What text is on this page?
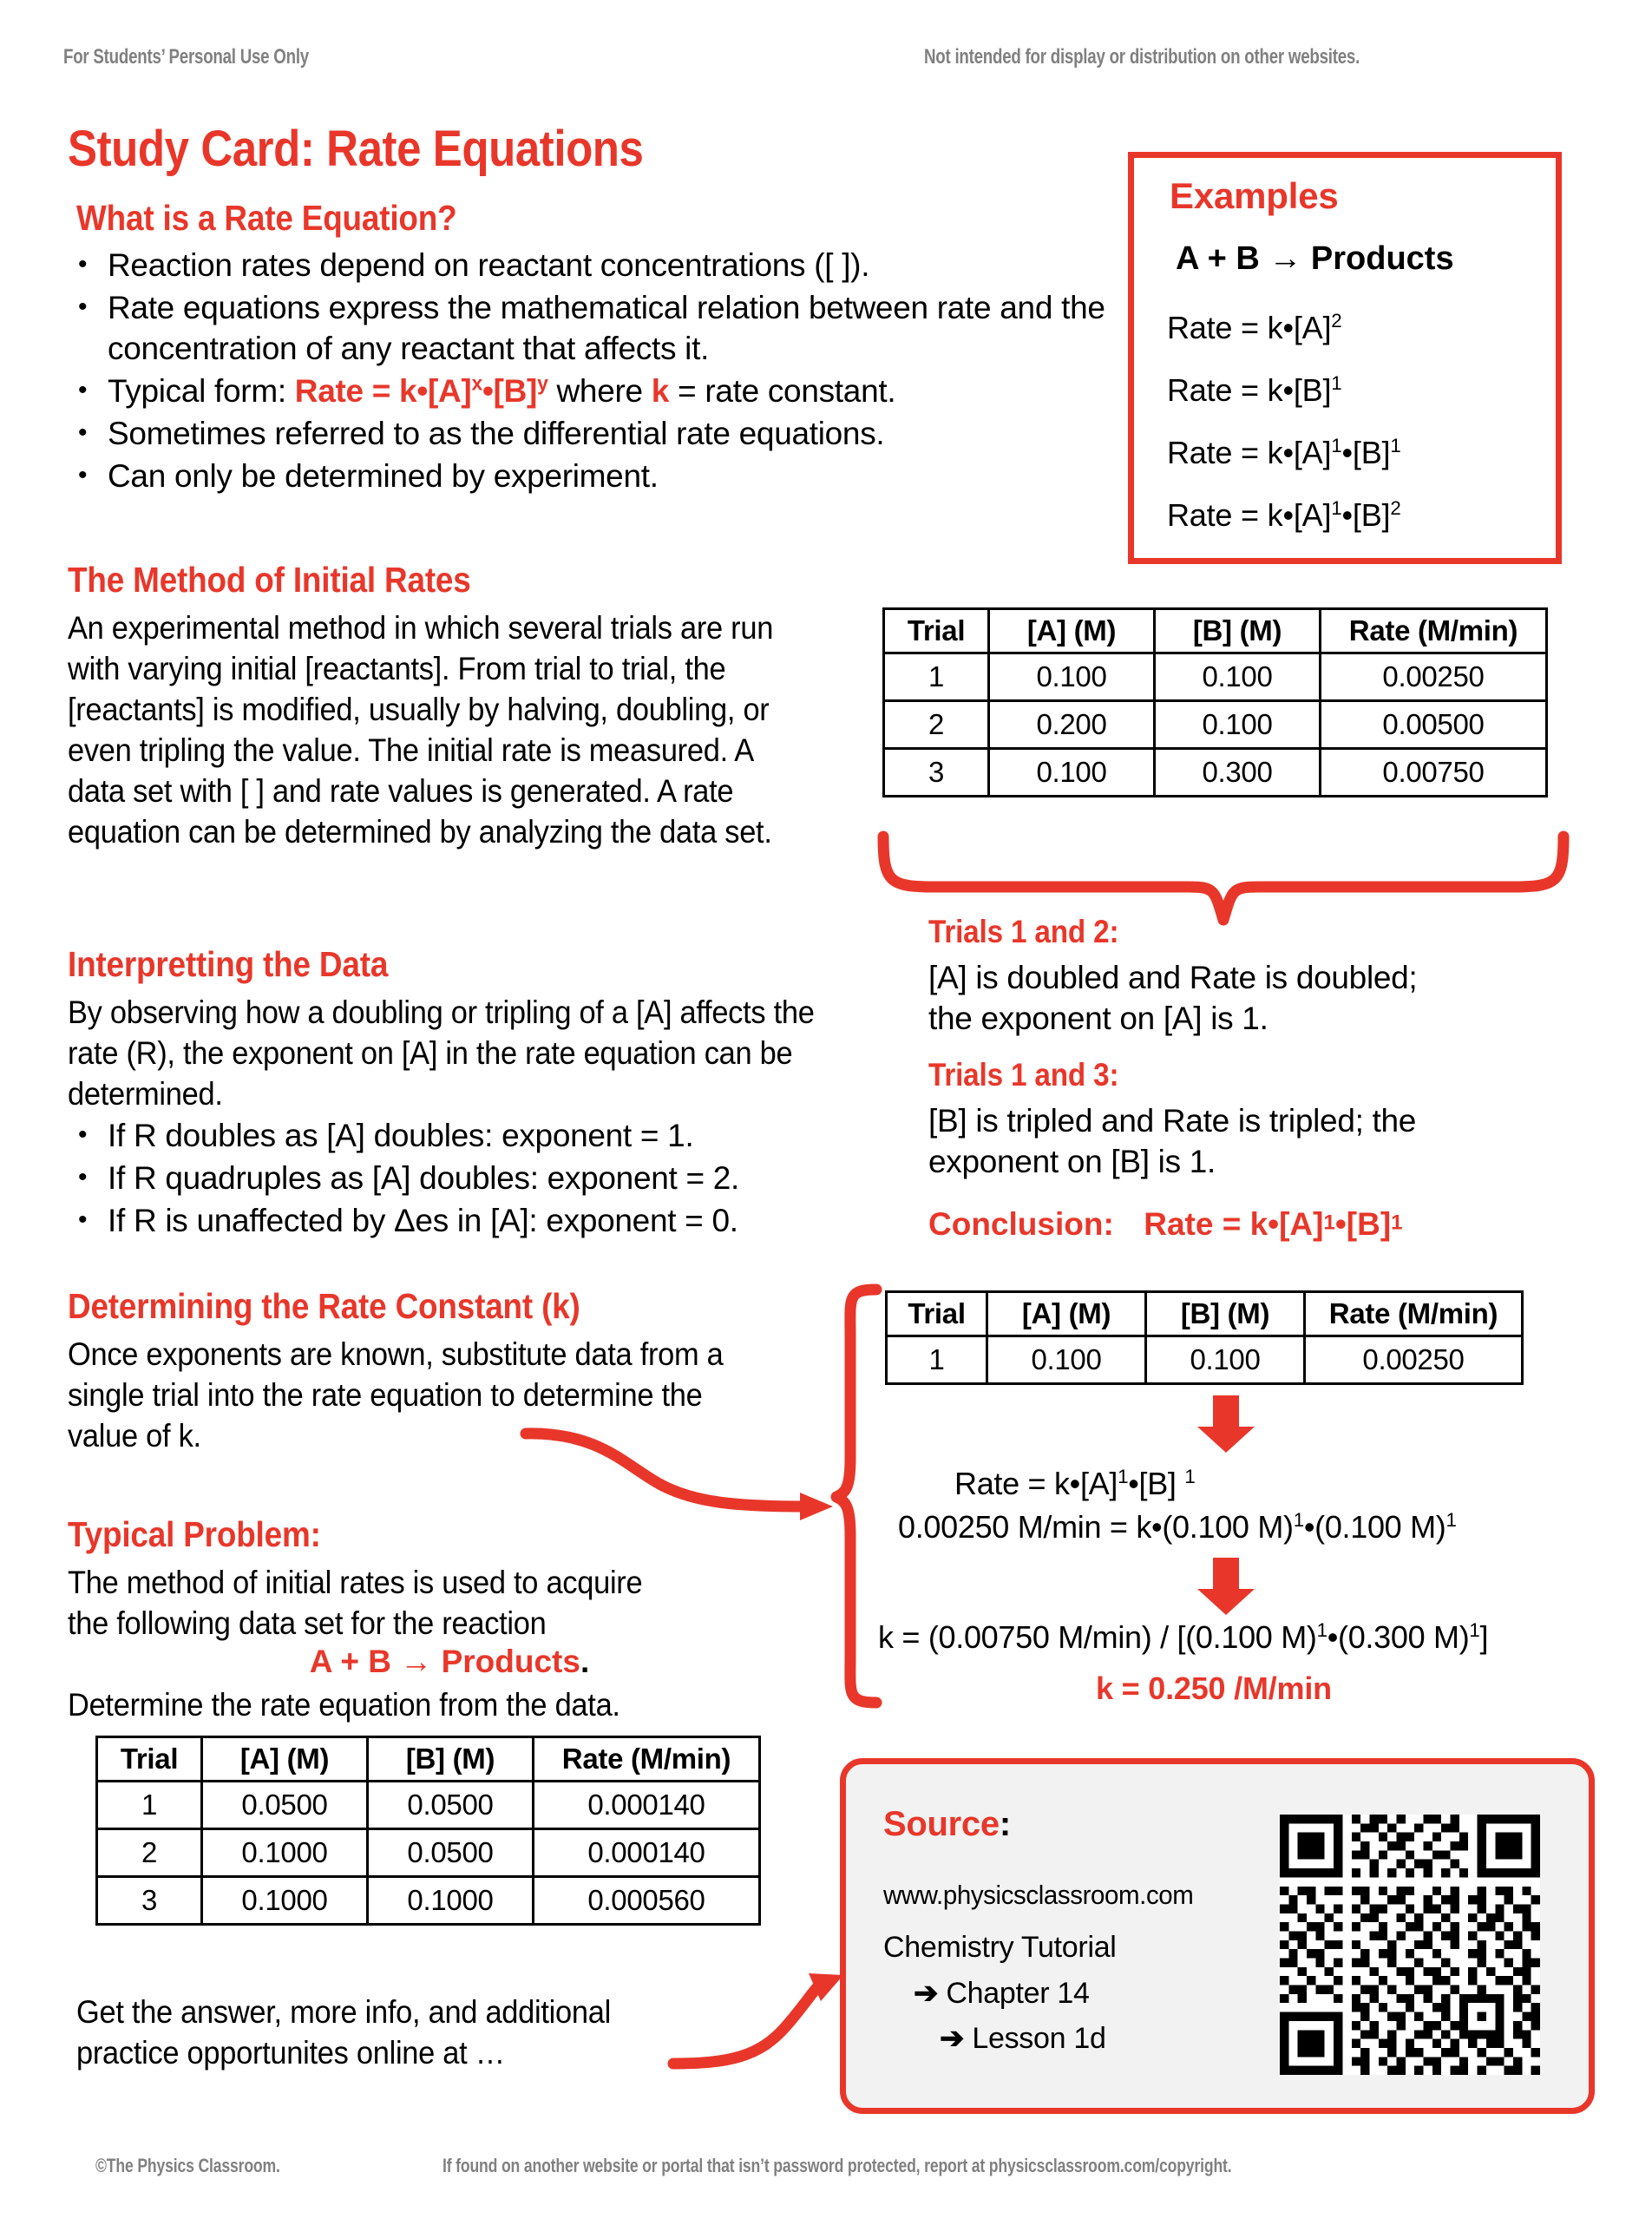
For Students’ Personal Use Only	Not intended for display or distribution on other websites.
Study Card: Rate Equations
What is a Rate Equation?
• Reaction rates depend on reactant concentrations ([ ]).
• Rate equations express the mathematical relation between rate and the concentration of any reactant that affects it.
• Typical form: Rate = $k•[A]^x•[B]^y$ where k = rate constant.
• Sometimes referred to as the differential rate equations.
• Can only be determined by experiment.
Examples
A + B → Products
Rate = $k•[A]^2$
Rate = $k•[B]^1$
Rate = $k•[A]^1•[B]^1$
Rate = $k•[A]^1•[B]^2$
The Method of Initial Rates
An experimental method in which several trials are run with varying initial [reactants]. From trial to trial, the [reactants] is modified, usually by halving, doubling, or even tripling the value. The initial rate is measured. A data set with [ ] and rate values is generated. A rate equation can be determined by analyzing the data set.
Trial	[A] (M)	[B] (M)	Rate (M/min)
1	0.100	0.100	0.00250
2	0.200	0.100	0.00500
3	0.100	0.300	0.00750
Trials 1 and 2:
[A] is doubled and Rate is doubled;
the exponent on [A] is 1.
Trials 1 and 3:
[B] is tripled and Rate is tripled; the
exponent on [B] is 1.
Conclusion: Rate = $k•[A]^1•[B]^1$
Interpretting the Data
By observing how a doubling or tripling of a [A] affects the rate (R), the exponent on [A] in the rate equation can be determined.
• If R doubles as [A] doubles: exponent = 1.
• If R quadruples as [A] doubles: exponent = 2.
• If R is unaffected by Δes in [A]: exponent = 0.
Determining the Rate Constant (k)
Once exponents are known, substitute data from a single trial into the rate equation to determine the value of k.
Trial	[A] (M)	[B] (M)	Rate (M/min)
1	0.100	0.100	0.00250
Rate = $k•[A]^1•[B]$ $^1$
0.00250 M/min = k•(0.100 M)$^1$•(0.100 M)$^1$
k = (0.00750 M/min) / [(0.100 M)$^1$•(0.300 M)$^1$]
k = 0.250 /M/min
Typical Problem:
The method of initial rates is used to acquire
the following data set for the reaction
A + B → Products.
Determine the rate equation from the data.
Trial	[A] (M)	[B] (M)	Rate (M/min)
1	0.0500	0.0500	0.000140
2	0.1000	0.0500	0.000140
3	0.1000	0.1000	0.000560
Get the answer, more info, and additional
practice opportunites online at …
Source:
www.physicsclassroom.com
Chemistry Tutorial
➔ Chapter 14
➔ Lesson 1d
©The Physics Classroom.	If found on another website or portal that isn’t password protected, report at physicsclassroom.com/copyright.
